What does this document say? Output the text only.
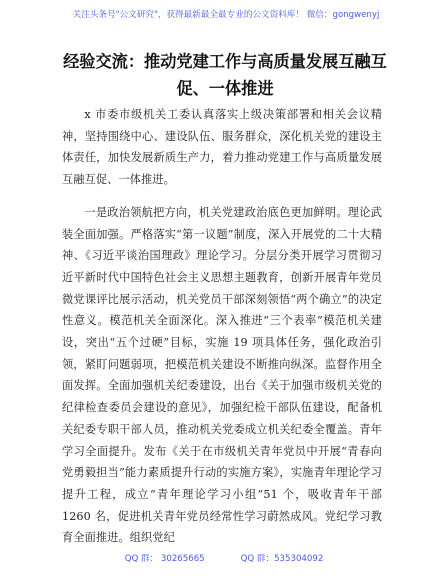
关注头条号"公文研究"，获得最新最全最专业的公文资料库！ 微信：gongwenyj
经验交流：推动党建工作与高质量发展互融互促、一体推进

x 市委市级机关工委认真落实上级决策部署和相关会议精神，坚持围绕中心、建设队伍、服务群众，深化机关党的建设主体责任，加快发展新质生产力，着力推动党建工作与高质量发展互融互促、一体推进。

一是政治领航把方向，机关党建政治底色更加鲜明。理论武装全面加强。严格落实“第一议题”制度，深入开展党的二十大精神、《习近平谈治国理政》理论学习。分层分类开展学习贯彻习近平新时代中国特色社会主义思想主题教育，创新开展青年党员微党课评比展示活动，机关党员干部深刻领悟“两个确立”的决定性意义。模范机关全面深化。深入推进“三个表率”模范机关建设，突出“五个过硬”目标，实施 19 项具体任务，强化政治引领，紧盯问题弱项，把模范机关建设不断推向纵深。监督作用全面发挥。全面加强机关纪委建设，出台《关于加强市级机关党的纪律检查委员会建设的意见》，加强纪检干部队伍建设，配备机关纪委专职干部人员，推动机关党委成立机关纪委全覆盖。青年学习全面提升。发布《关于在市级机关青年党员中开展“青春向党勇毅担当”能力素质提升行动的实施方案》，实施青年理论学习提升工程，成立“青年理论学习小组”51 个，吸收青年干部 1260 名，促进机关青年党员经常性学习蔚然成风。党纪学习教育全面推进。组织党纪

QQ 群： 30265665	QQ 群：535304092
